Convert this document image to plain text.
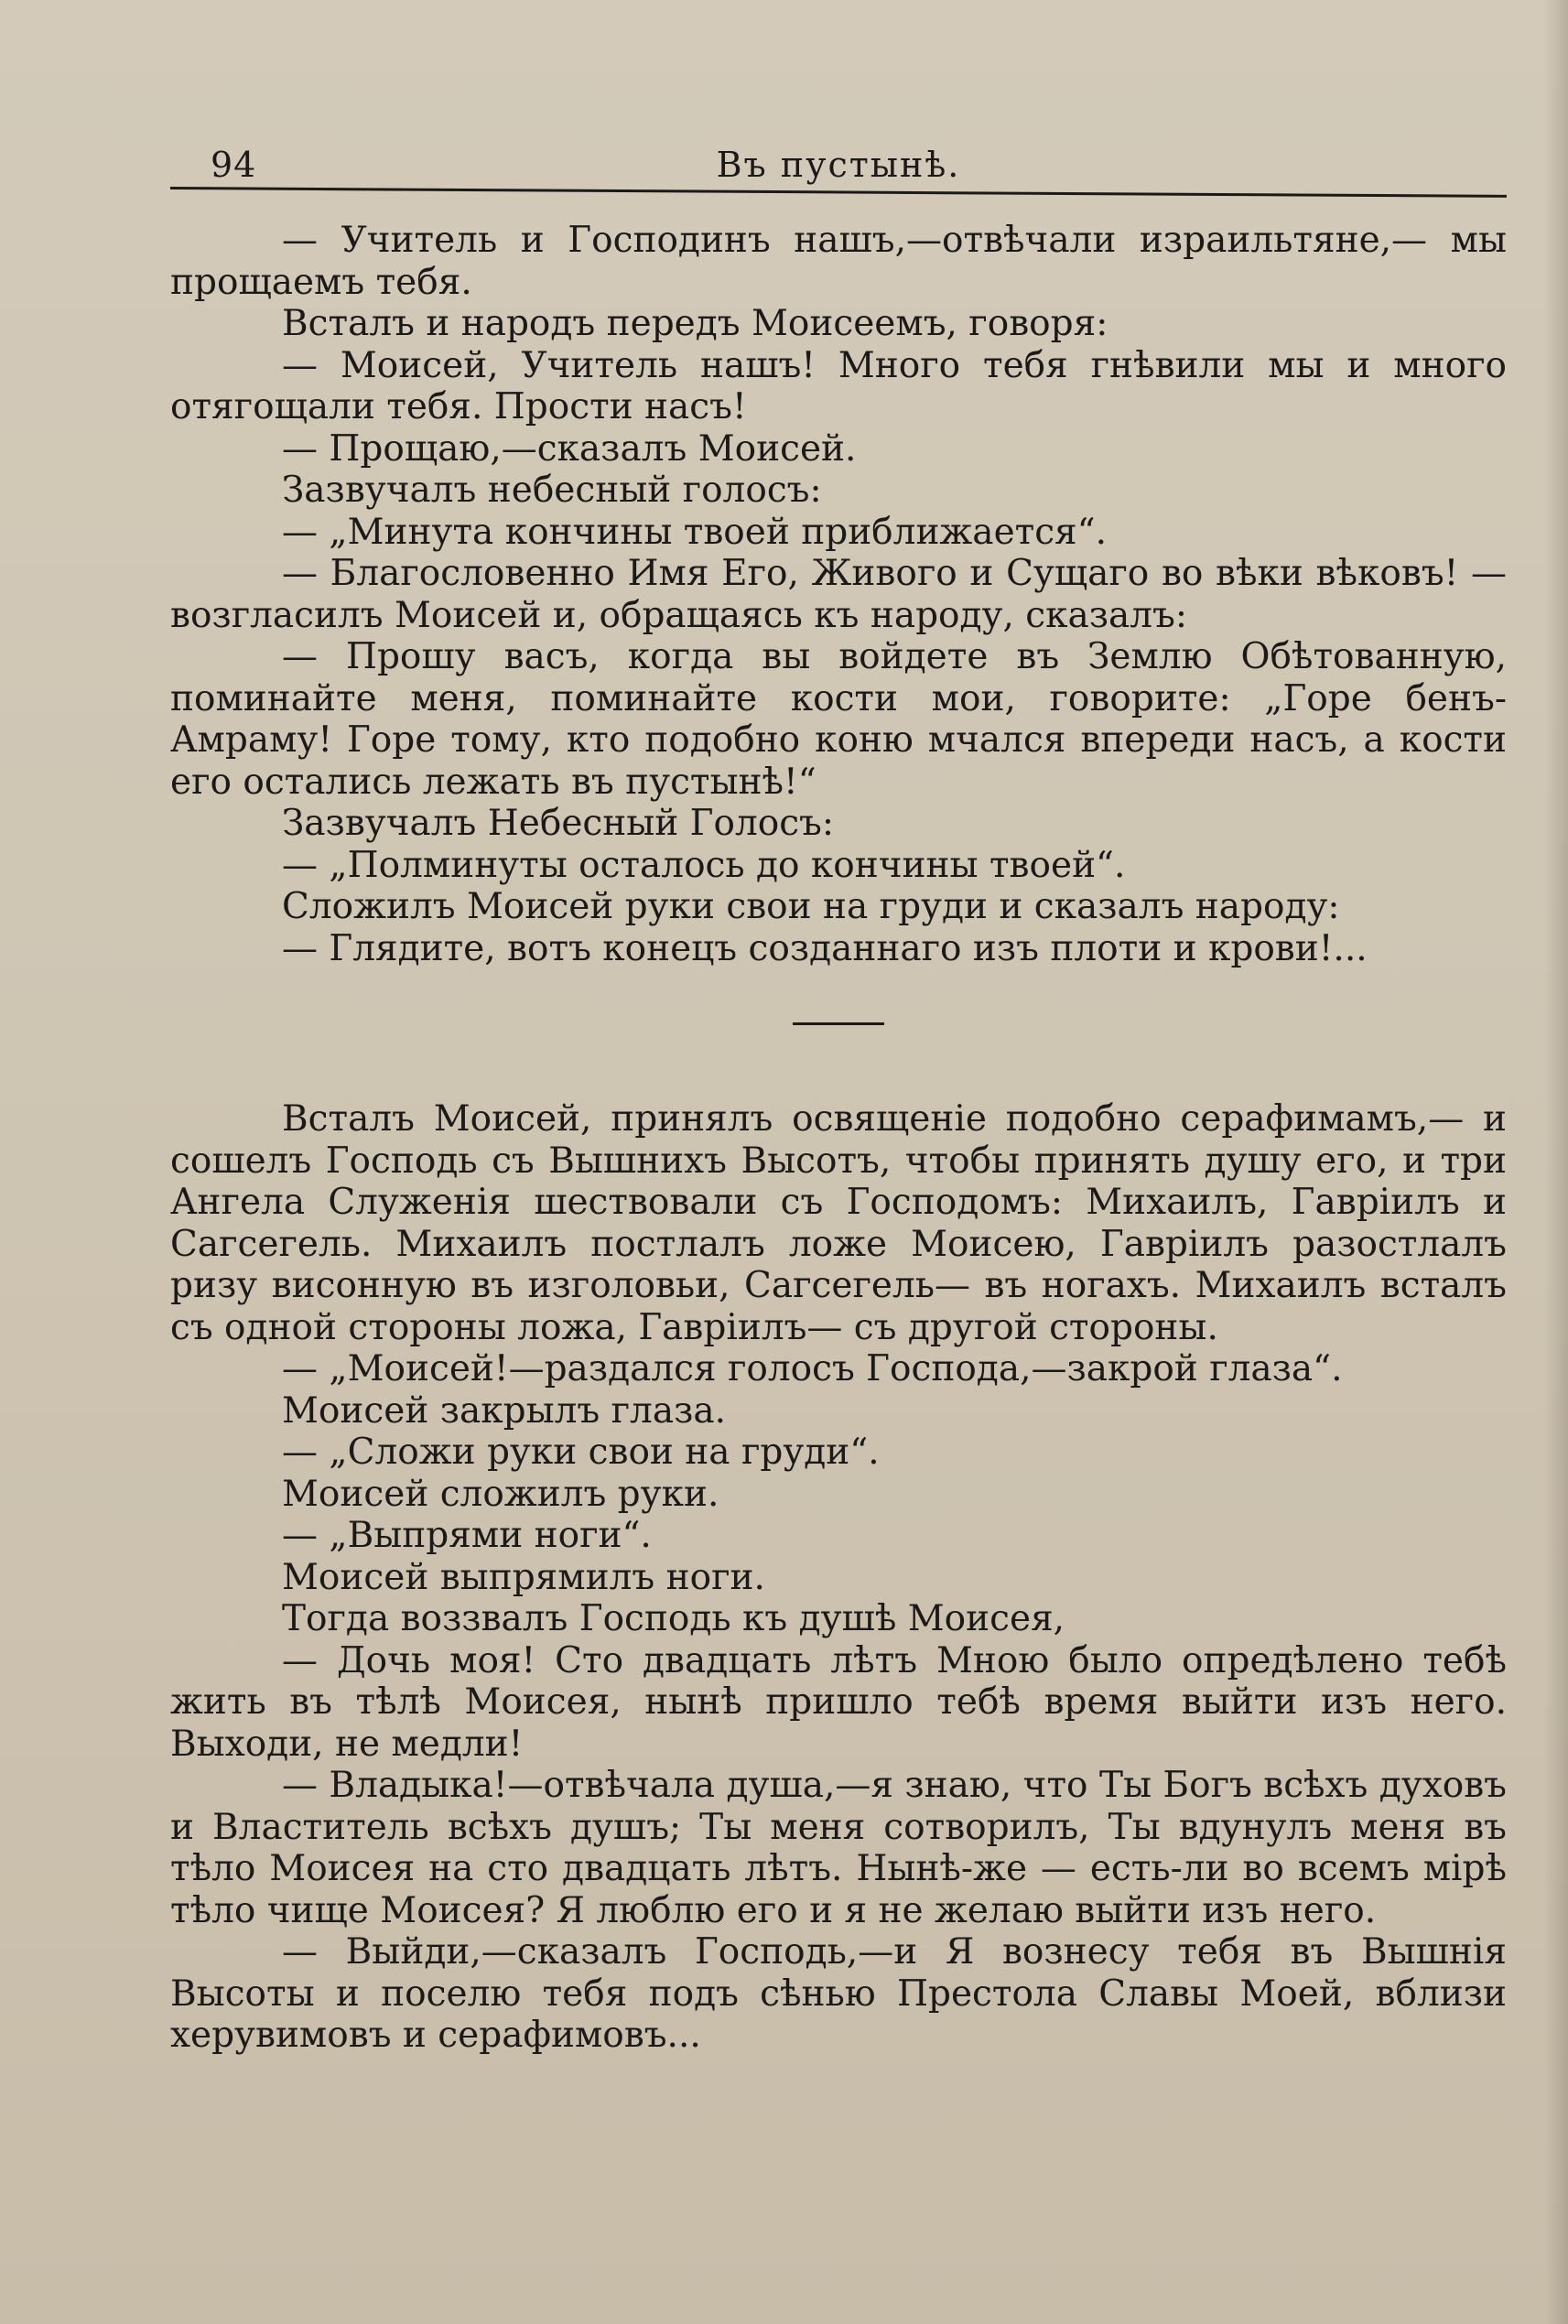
94	Въ пустынѣ.

— Учитель и Господинъ нашъ,—отвѣчали израильтяне,— мы прощаемъ тебя.

Всталъ и народъ передъ Моисеемъ, говоря:

— Моисей, Учитель нашъ! Много тебя гнѣвили мы и много отягощали тебя. Прости насъ!

— Прощаю,—сказалъ Моисей.

Зазвучалъ небесный голосъ:

— „Минута кончины твоей приближается“.

— Благословенно Имя Его, Живого и Сущаго во вѣки вѣковъ! — возгласилъ Моисей и, обращаясь къ народу, сказалъ:

— Прошу васъ, когда вы войдете въ Землю Обѣтованную, поминайте меня, поминайте кости мои, говорите: „Горе бенъ-Амраму! Горе тому, кто подобно коню мчался впереди насъ, а кости его остались лежать въ пустынѣ!“

Зазвучалъ Небесный Голосъ:

— „Полминуты осталось до кончины твоей“.

Сложилъ Моисей руки свои на груди и сказалъ народу:

— Глядите, вотъ конецъ созданнаго изъ плоти и крови!...

Всталъ Моисей, принялъ освященіе подобно серафимамъ,— и сошелъ Господь съ Вышнихъ Высотъ, чтобы принять душу его, и три Ангела Служенія шествовали съ Господомъ: Михаилъ, Гавріилъ и Сагсегель. Михаилъ постлалъ ложе Моисею, Гавріилъ разостлалъ ризу висонную въ изголовьи, Сагсегель— въ ногахъ. Михаилъ всталъ съ одной стороны ложа, Гавріилъ— съ другой стороны.

— „Моисей!—раздался голосъ Господа,—закрой глаза“.

Моисей закрылъ глаза.

— „Сложи руки свои на груди“.

Моисей сложилъ руки.

— „Выпрями ноги“.

Моисей выпрямилъ ноги.

Тогда воззвалъ Господь къ душѣ Моисея,

— Дочь моя! Сто двадцать лѣтъ Мною было опредѣлено тебѣ жить въ тѣлѣ Моисея, нынѣ пришло тебѣ время выйти изъ него. Выходи, не медли!

— Владыка!—отвѣчала душа,—я знаю, что Ты Богъ всѣхъ духовъ и Властитель всѣхъ душъ; Ты меня сотворилъ, Ты вдунулъ меня въ тѣло Моисея на сто двадцать лѣтъ. Нынѣ-же — есть-ли во всемъ мірѣ тѣло чище Моисея? Я люблю его и я не желаю выйти изъ него.

— Выйди,—сказалъ Господь,—и Я вознесу тебя въ Вышнія Высоты и поселю тебя подъ сѣнью Престола Славы Моей, вблизи херувимовъ и серафимовъ...
